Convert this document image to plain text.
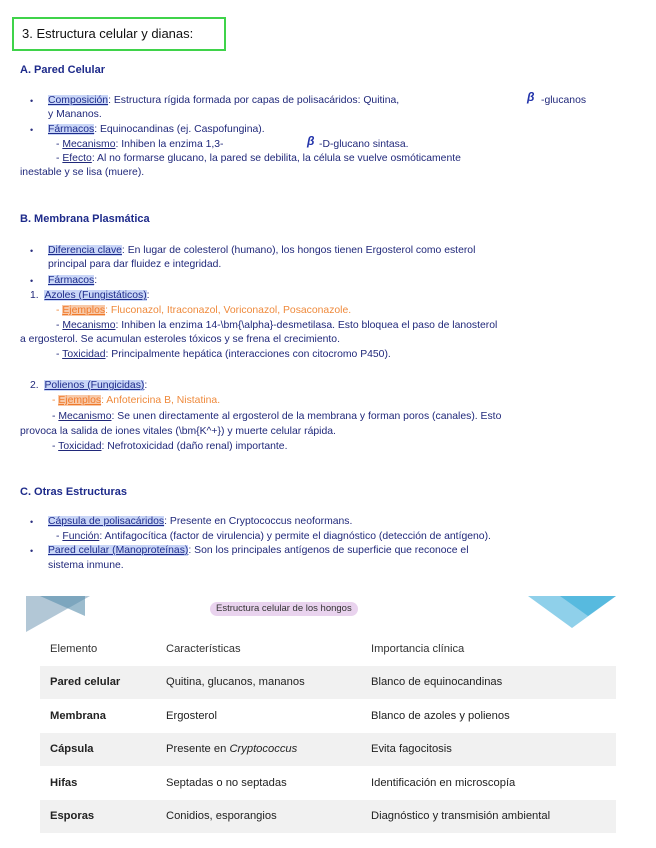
3. Estructura celular y dianas:
A. Pared Celular
• Composición: Estructura rígida formada por capas de polisacáridos: Quitina,	β -glucanos
y Mananos.
• Fármacos: Equinocandinas (ej. Caspofungina).
- Mecanismo: Inhiben la enzima 1,3-	β -D-glucano sintasa.
- Efecto: Al no formarse glucano, la pared se debilita, la célula se vuelve osmóticamente
inestable y se lisa (muere).
B. Membrana Plasmática
• Diferencia clave: En lugar de colesterol (humano), los hongos tienen Ergosterol como esterol
principal para dar fluidez e integridad.
• Fármacos:
1. Azoles (Fungistáticos):
- Ejemplos: Fluconazol, Itraconazol, Voriconazol, Posaconazole.
- Mecanismo: Inhiben la enzima 14-\bm{\alpha}-desmetilasa. Esto bloquea el paso de lanosterol
a ergosterol. Se acumulan esteroles tóxicos y se frena el crecimiento.
- Toxicidad: Principalmente hepática (interacciones con citocromo P450).
2. Polienos (Fungicidas):
- Ejemplos: Anfotericina B, Nistatina.
- Mecanismo: Se unen directamente al ergosterol de la membrana y forman poros (canales). Esto
provoca la salida de iones vitales (\bm{K^+}) y muerte celular rápida.
- Toxicidad: Nefrotoxicidad (daño renal) importante.
C. Otras Estructuras
• Cápsula de polisacáridos: Presente en Cryptococcus neoformans.
- Función: Antifagocítica (factor de virulencia) y permite el diagnóstico (detección de antígeno).
• Pared celular (Manoproteínas): Son los principales antígenos de superficie que reconoce el
sistema inmune.
Estructura celular de los hongos
Elemento	Características	Importancia clínica
Pared celular	Quitina, glucanos, mananos	Blanco de equinocandinas
Membrana	Ergosterol	Blanco de azoles y polienos
Cápsula	Presente en Cryptococcus	Evita fagocitosis
Hifas	Septadas o no septadas	Identificación en microscopía
Esporas	Conidios, esporangios	Diagnóstico y transmisión ambiental
